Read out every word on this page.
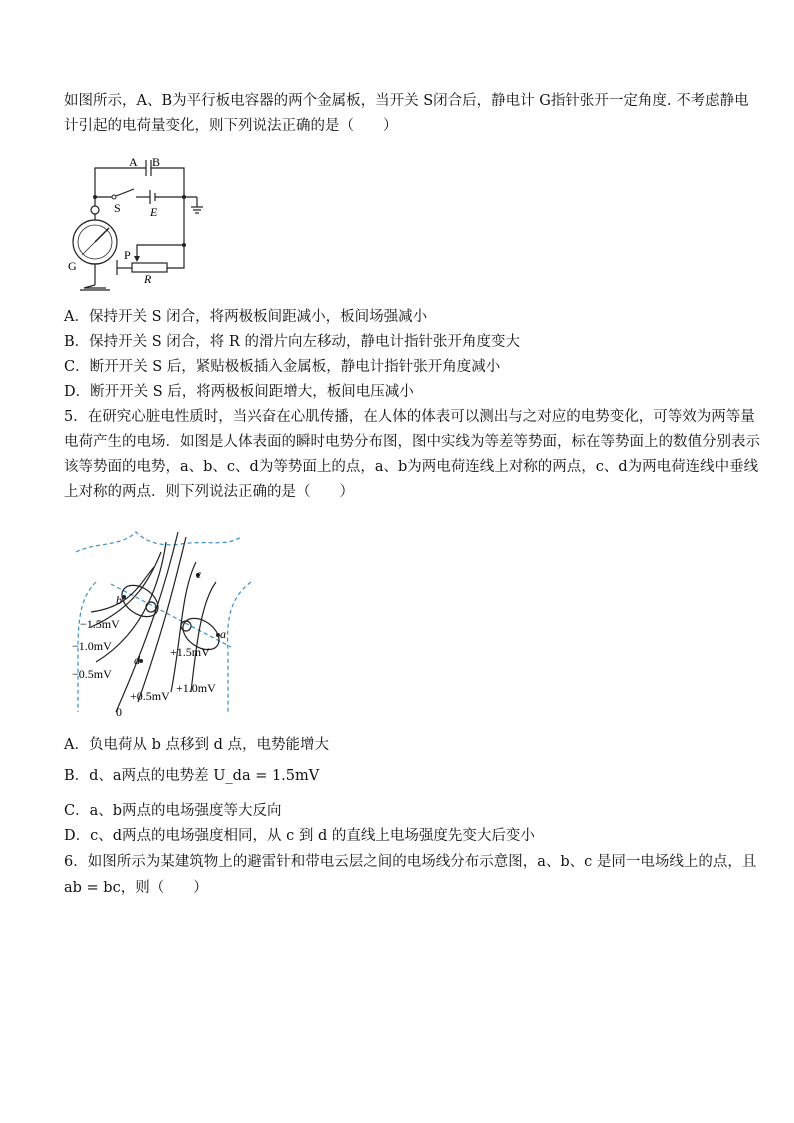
如图所示，A、B为平行板电容器的两个金属板，当开关 S闭合后，静电计 G指针张开一定角度. 不考虑静电
计引起的电荷量变化，则下列说法正确的是（　　）
A B
S E
G
P
R
A．保持开关 S 闭合，将两极板间距减小，板间场强减小
B．保持开关 S 闭合，将 R 的滑片向左移动，静电计指针张开角度变大
C．断开开关 S 后，紧贴极板插入金属板，静电计指针张开角度减小
D．断开开关 S 后，将两极板间距增大，板间电压减小
5．在研究心脏电性质时，当兴奋在心肌传播，在人体的体表可以测出与之对应的电势变化，可等效为两等量
电荷产生的电场．如图是人体表面的瞬时电势分布图，图中实线为等差等势面，标在等势面上的数值分别表示
该等势面的电势，a、b、c、d为等势面上的点，a、b为两电荷连线上对称的两点，c、d为两电荷连线中垂线
上对称的两点．则下列说法正确的是（　　）
b
c
d
a
−1.5mV
−1.0mV
−0.5mV
+1.5mV
+1.0mV
+0.5mV
0
A．负电荷从 b 点移到 d 点，电势能增大
B．d、a两点的电势差 U_da = 1.5mV
C．a、b两点的电场强度等大反向
D．c、d两点的电场强度相同，从 c 到 d 的直线上电场强度先变大后变小
6．如图所示为某建筑物上的避雷针和带电云层之间的电场线分布示意图，a、b、c 是同一电场线上的点，且
ab = bc，则（　　）
